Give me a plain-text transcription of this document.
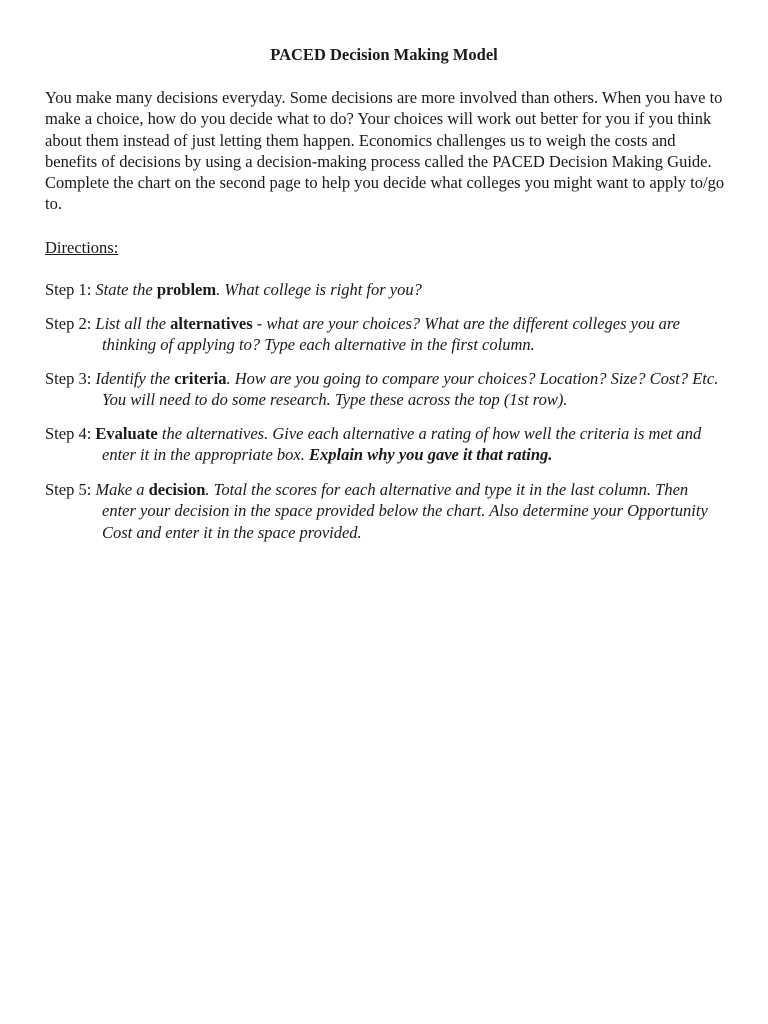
PACED Decision Making Model

You make many decisions everyday. Some decisions are more involved than others. When you have to make a choice, how do you decide what to do? Your choices will work out better for you if you think about them instead of just letting them happen. Economics challenges us to weigh the costs and benefits of decisions by using a decision-making process called the PACED Decision Making Guide. Complete the chart on the second page to help you decide what colleges you might want to apply to/go to.

Directions:

Step 1: State the problem. What college is right for you?

Step 2: List all the alternatives - what are your choices? What are the different colleges you are thinking of applying to? Type each alternative in the first column.

Step 3: Identify the criteria. How are you going to compare your choices? Location? Size? Cost? Etc. You will need to do some research. Type these across the top (1st row).

Step 4: Evaluate the alternatives. Give each alternative a rating of how well the criteria is met and enter it in the appropriate box. Explain why you gave it that rating.

Step 5: Make a decision. Total the scores for each alternative and type it in the last column. Then enter your decision in the space provided below the chart. Also determine your Opportunity Cost and enter it in the space provided.
